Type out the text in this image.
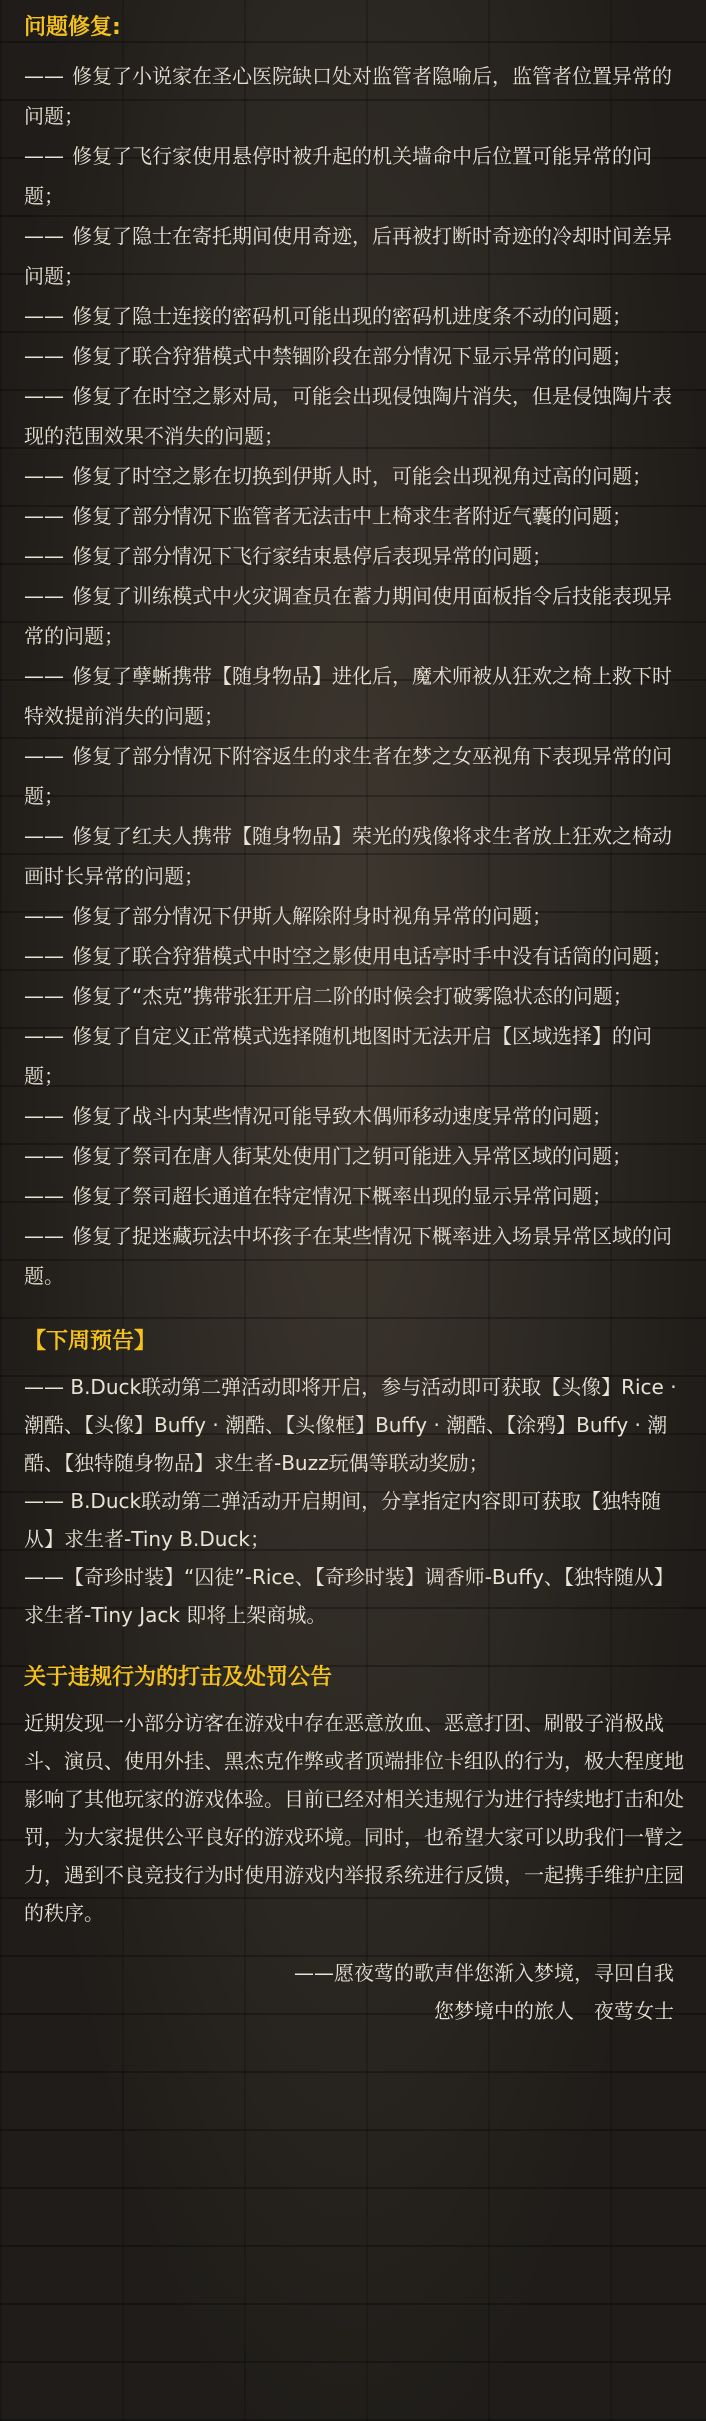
问题修复:
—— 修复了小说家在圣心医院缺口处对监管者隐喻后，监管者位置异常的问题；
—— 修复了飞行家使用悬停时被升起的机关墙命中后位置可能异常的问题；
—— 修复了隐士在寄托期间使用奇迹，后再被打断时奇迹的冷却时间差异问题；
—— 修复了隐士连接的密码机可能出现的密码机进度条不动的问题；
—— 修复了联合狩猎模式中禁锢阶段在部分情况下显示异常的问题；
—— 修复了在时空之影对局，可能会出现侵蚀陶片消失，但是侵蚀陶片表现的范围效果不消失的问题；
—— 修复了时空之影在切换到伊斯人时，可能会出现视角过高的问题；
—— 修复了部分情况下监管者无法击中上椅求生者附近气囊的问题；
—— 修复了部分情况下飞行家结束悬停后表现异常的问题；
—— 修复了训练模式中火灾调查员在蓄力期间使用面板指令后技能表现异常的问题；
—— 修复了孽蜥携带【随身物品】进化后，魔术师被从狂欢之椅上救下时特效提前消失的问题；
—— 修复了部分情况下附容返生的求生者在梦之女巫视角下表现异常的问题；
—— 修复了红夫人携带【随身物品】荣光的残像将求生者放上狂欢之椅动画时长异常的问题；
—— 修复了部分情况下伊斯人解除附身时视角异常的问题；
—— 修复了联合狩猎模式中时空之影使用电话亭时手中没有话筒的问题；
—— 修复了“杰克”携带张狂开启二阶的时候会打破雾隐状态的问题；
—— 修复了自定义正常模式选择随机地图时无法开启【区域选择】的问题；
—— 修复了战斗内某些情况可能导致木偶师移动速度异常的问题；
—— 修复了祭司在唐人街某处使用门之钥可能进入异常区域的问题；
—— 修复了祭司超长通道在特定情况下概率出现的显示异常问题；
—— 修复了捉迷藏玩法中坏孩子在某些情况下概率进入场景异常区域的问题。
【下周预告】

—— B.Duck联动第二弹活动即将开启，参与活动即可获取【头像】Rice · 潮酷、【头像】Buffy · 潮酷、【头像框】Buffy · 潮酷、【涂鸦】Buffy · 潮酷、【独特随身物品】求生者-Buzz玩偶等联动奖励；

—— B.Duck联动第二弹活动开启期间，分享指定内容即可获取【独特随从】求生者-Tiny B.Duck；

——【奇珍时装】“囚徒”-Rice、【奇珍时装】调香师-Buffy、【独特随从】求生者-Tiny Jack 即将上架商城。

关于违规行为的打击及处罚公告

近期发现一小部分访客在游戏中存在恶意放血、恶意打团、刷骰子消极战斗、演员、使用外挂、黑杰克作弊或者顶端排位卡组队的行为，极大程度地影响了其他玩家的游戏体验。目前已经对相关违规行为进行持续地打击和处罚，为大家提供公平良好的游戏环境。同时，也希望大家可以助我们一臂之力，遇到不良竞技行为时使用游戏内举报系统进行反馈，一起携手维护庄园的秩序。

——愿夜莺的歌声伴您渐入梦境，寻回自我
您梦境中的旅人　夜莺女士
